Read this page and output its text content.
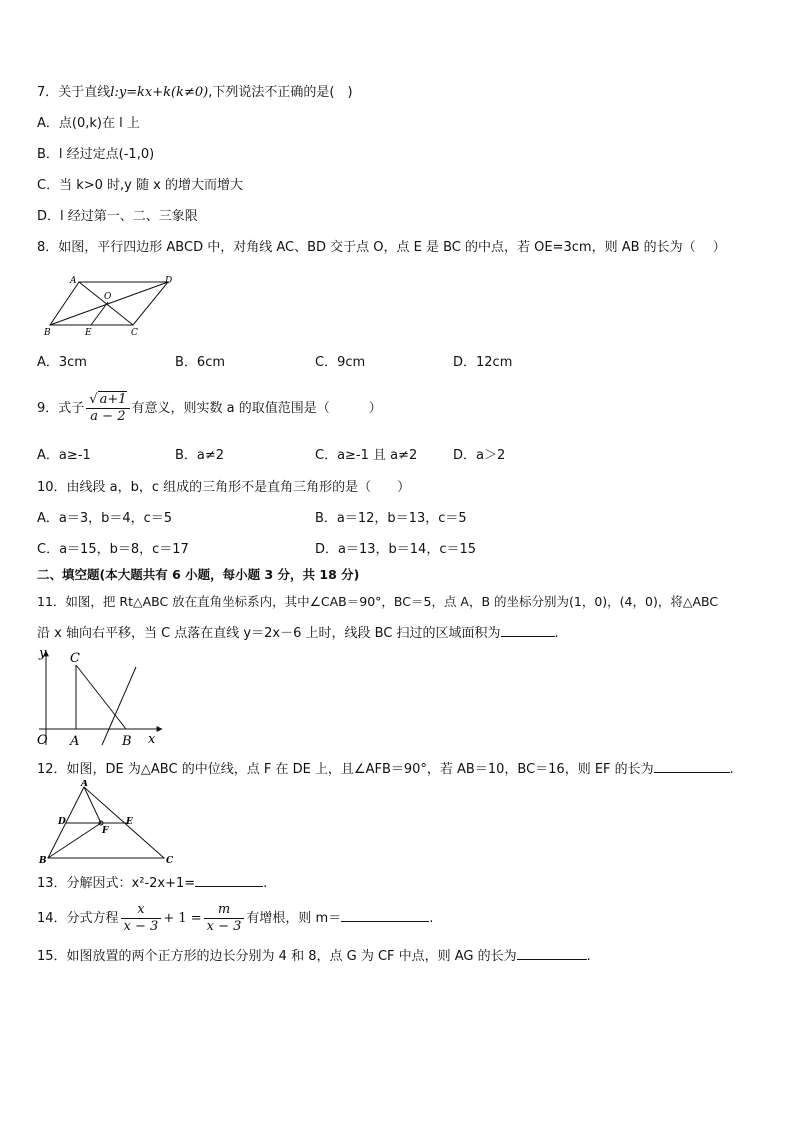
7．关于直线l:y=kx+k(k≠0),下列说法不正确的是(　)
A．点(0,k)在 l 上
B．l 经过定点(-1,0)
C．当 k>0 时,y 随 x 的增大而增大
D．l 经过第一、二、三象限
8．如图，平行四边形 ABCD 中，对角线 AC、BD 交于点 O，点 E 是 BC 的中点，若 OE=3cm，则 AB 的长为（　 ）
A	D
O
B	E	C
A．3cm	B．6cm	C．9cm	D．12cm
9．式子 $\frac{√ a+1}{a - 2}$ 有意义，则实数 a 的取值范围是（　　　）
A．a≥-1	B．a≠2	C．a≥-1 且 a≠2	D．a＞2
10．由线段 a，b，c 组成的三角形不是直角三角形的是（　　）
A．a＝3，b＝4，c＝5	B．a＝12，b＝13，c＝5
C．a＝15，b＝8，c＝17	D．a＝13，b＝14，c＝15
二、填空题(本大题共有 6 小题，每小题 3 分，共 18 分)
11．如图，把 Rt△ABC 放在直角坐标系内，其中∠CAB＝90°，BC＝5，点 A，B 的坐标分别为(1，0)，(4，0)，将△ABC
沿 x 轴向右平移，当 C 点落在直线 y＝2x－6 上时，线段 BC 扫过的区域面积为	.
y C
O A	B x
12．如图，DE 为△ABC 的中位线，点 F 在 DE 上，且∠AFB＝90°，若 AB＝10，BC＝16，则 EF 的长为	.
A
D	E
F
B	C
13．分解因式：x²-2x+1=	.
14．分式方程 $\frac{x}{x - 3} + 1 = \frac{m}{x - 3}$ 有增根，则 m＝	.
15．如图放置的两个正方形的边长分别为 4 和 8，点 G 为 CF 中点，则 AG 的长为	.
